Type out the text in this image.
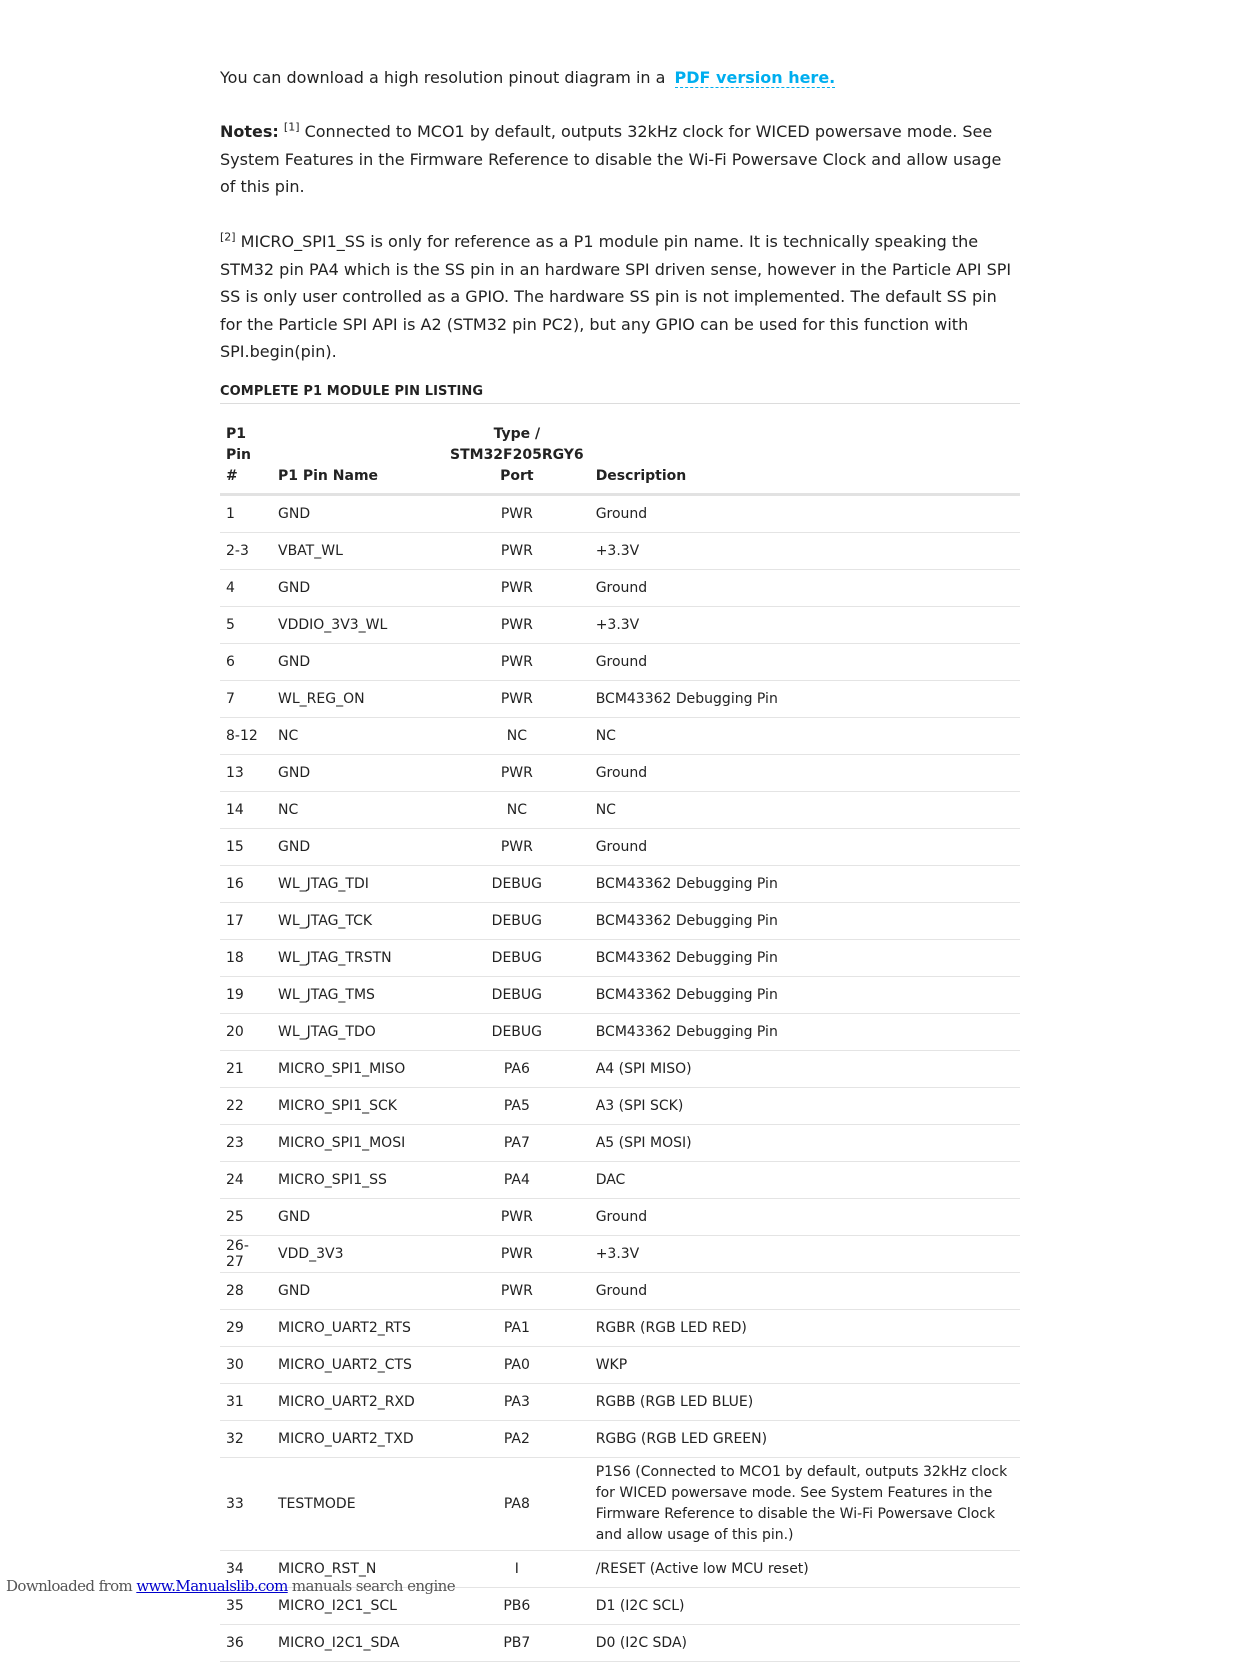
You can download a high resolution pinout diagram in a PDF version here.

Notes: [1] Connected to MCO1 by default, outputs 32kHz clock for WICED powersave mode. See System Features in the Firmware Reference to disable the Wi-Fi Powersave Clock and allow usage of this pin.

[2] MICRO_SPI1_SS is only for reference as a P1 module pin name. It is technically speaking the STM32 pin PA4 which is the SS pin in an hardware SPI driven sense, however in the Particle API SPI SS is only user controlled as a GPIO. The hardware SS pin is not implemented. The default SS pin for the Particle SPI API is A2 (STM32 pin PC2), but any GPIO can be used for this function with SPI.begin(pin).

COMPLETE P1 MODULE PIN LISTING
P1
Pin #	P1 Pin Name	Type /
STM32F205RGY6
Port	Description
1	GND	PWR	Ground
2-3	VBAT_WL	PWR	+3.3V
4	GND	PWR	Ground
5	VDDIO_3V3_WL	PWR	+3.3V
6	GND	PWR	Ground
7	WL_REG_ON	PWR	BCM43362 Debugging Pin
8-12	NC	NC	NC
13	GND	PWR	Ground
14	NC	NC	NC
15	GND	PWR	Ground
16	WL_JTAG_TDI	DEBUG	BCM43362 Debugging Pin
17	WL_JTAG_TCK	DEBUG	BCM43362 Debugging Pin
18	WL_JTAG_TRSTN	DEBUG	BCM43362 Debugging Pin
19	WL_JTAG_TMS	DEBUG	BCM43362 Debugging Pin
20	WL_JTAG_TDO	DEBUG	BCM43362 Debugging Pin
21	MICRO_SPI1_MISO	PA6	A4 (SPI MISO)
22	MICRO_SPI1_SCK	PA5	A3 (SPI SCK)
23	MICRO_SPI1_MOSI	PA7	A5 (SPI MOSI)
24	MICRO_SPI1_SS	PA4	DAC
25	GND	PWR	Ground
26-27	VDD_3V3	PWR	+3.3V
28	GND	PWR	Ground
29	MICRO_UART2_RTS	PA1	RGBR (RGB LED RED)
30	MICRO_UART2_CTS	PA0	WKP
31	MICRO_UART2_RXD	PA3	RGBB (RGB LED BLUE)
32	MICRO_UART2_TXD	PA2	RGBG (RGB LED GREEN)
33	TESTMODE	PA8	P1S6 (Connected to MCO1 by default, outputs 32kHz clock for WICED powersave mode. See System Features in the Firmware Reference to disable the Wi-Fi Powersave Clock and allow usage of this pin.)
34	MICRO_RST_N	I	/RESET (Active low MCU reset)
35	MICRO_I2C1_SCL	PB6	D1 (I2C SCL)
36	MICRO_I2C1_SDA	PB7	D0 (I2C SDA)
Downloaded from www.Manualslib.com manuals search engine
